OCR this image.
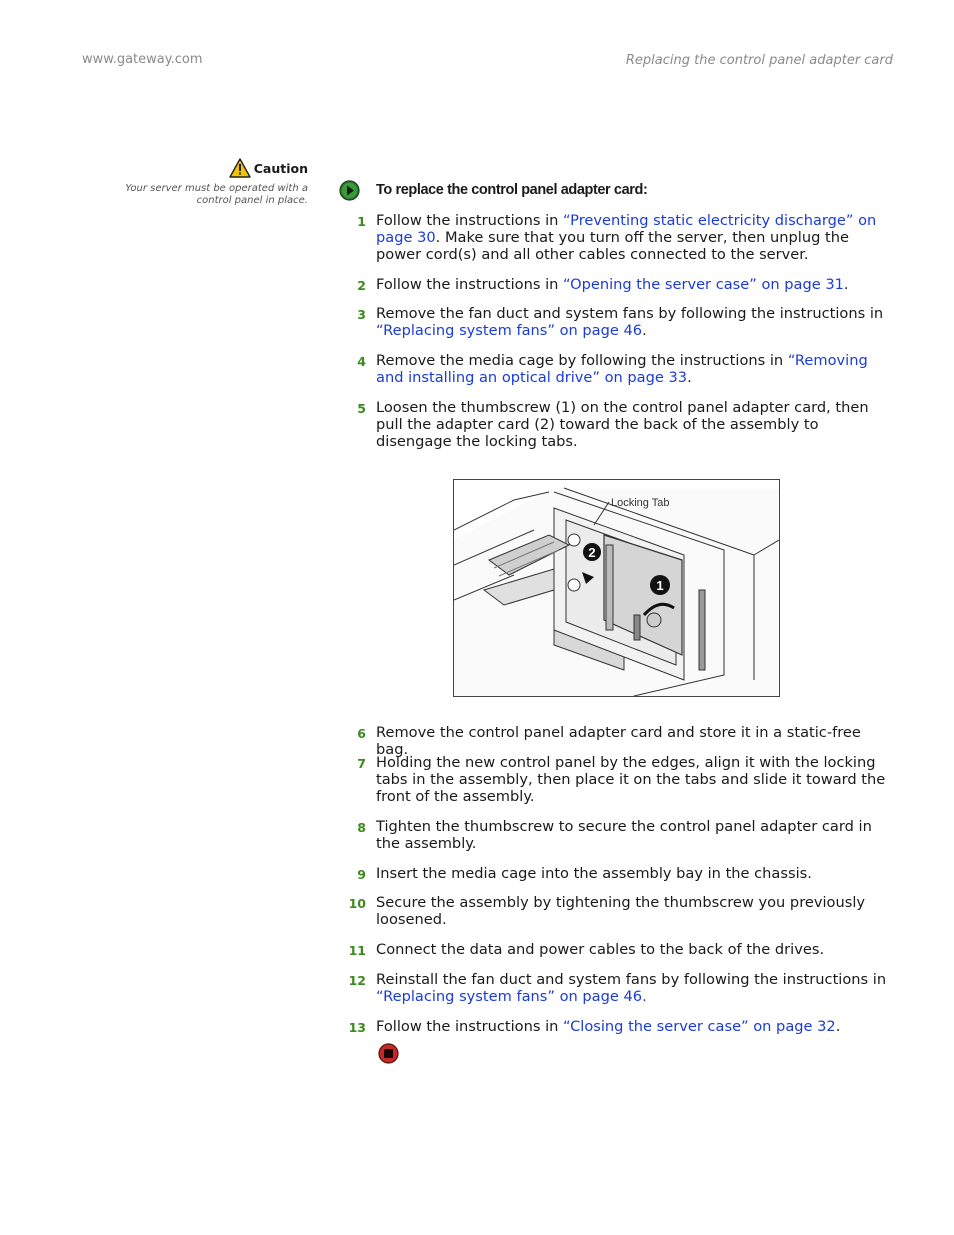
www.gateway.com	Replacing the control panel adapter card
Caution
Your server must be operated with a control panel in place.
To replace the control panel adapter card:
1 Follow the instructions in “Preventing static electricity discharge” on page 30. Make sure that you turn off the server, then unplug the power cord(s) and all other cables connected to the server.
2 Follow the instructions in “Opening the server case” on page 31.
3 Remove the fan duct and system fans by following the instructions in “Replacing system fans” on page 46.
4 Remove the media cage by following the instructions in “Removing and installing an optical drive” on page 33.
5 Loosen the thumbscrew (1) on the control panel adapter card, then pull the adapter card (2) toward the back of the assembly to disengage the locking tabs.
6 Remove the control panel adapter card and store it in a static-free bag.
7 Holding the new control panel by the edges, align it with the locking tabs in the assembly, then place it on the tabs and slide it toward the front of the assembly.
8 Tighten the thumbscrew to secure the control panel adapter card in the assembly.
9 Insert the media cage into the assembly bay in the chassis.
10 Secure the assembly by tightening the thumbscrew you previously loosened.
11 Connect the data and power cables to the back of the drives.
12 Reinstall the fan duct and system fans by following the instructions in “Replacing system fans” on page 46.
13 Follow the instructions in “Closing the server case” on page 32.
2
1
Locking Tab
